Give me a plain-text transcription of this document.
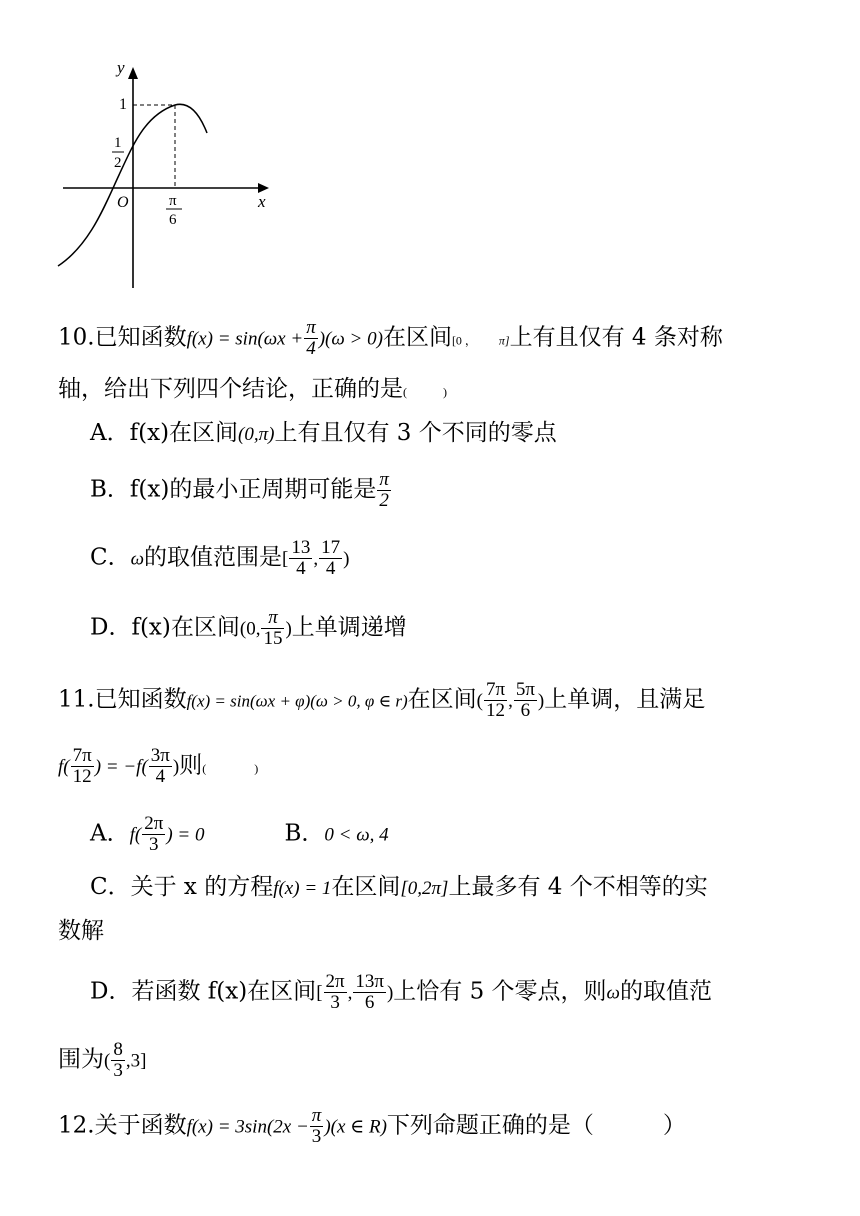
y
x
O
1
1
2
π
6
10.已知函数$f(x) = \sin(\omega x + \frac{\pi}{4} )(\omega > 0)$在区间[0 ， π]上有且仅有 4 条对称
轴，给出下列四个结论，正确的是(　　　)
A．f(x)在区间(0,π)上有且仅有 3 个不同的零点
B．f(x)的最小正周期可能是 $\frac{\pi}{2}$
C．ω的取值范围是[ $\frac{13}{4}$ , $\frac{17}{4}$ )
D．f(x)在区间(0, $\frac{\pi}{15}$ )上单调递增
11.已知函数f(x) = sin(ωx + φ)(ω > 0, φ ∈ r)在区间( $\frac{7\pi}{12}$ , $\frac{5\pi}{6}$ )上单调，且满足
$f( \frac{7\pi}{12}$ ) = $-f( \frac{3\pi}{4}$ )则(　　　　)
A．$f( \frac{2\pi}{3}$ ) = 0	B．0 < ω, 4
C．关于 x 的方程f(x) = 1在区间[0,2π]上最多有 4 个不相等的实
数解
D．若函数 f(x)在区间[ $\frac{2\pi}{3}$ , $\frac{13\pi}{6}$ )上恰有 5 个零点，则ω的取值范
围为( $\frac{8}{3} ,3$]
12.关于函数$f(x) = 3\sin(2x - \frac{\pi}{3} )(x$ ∈ R)下列命题正确的是（　　　）
